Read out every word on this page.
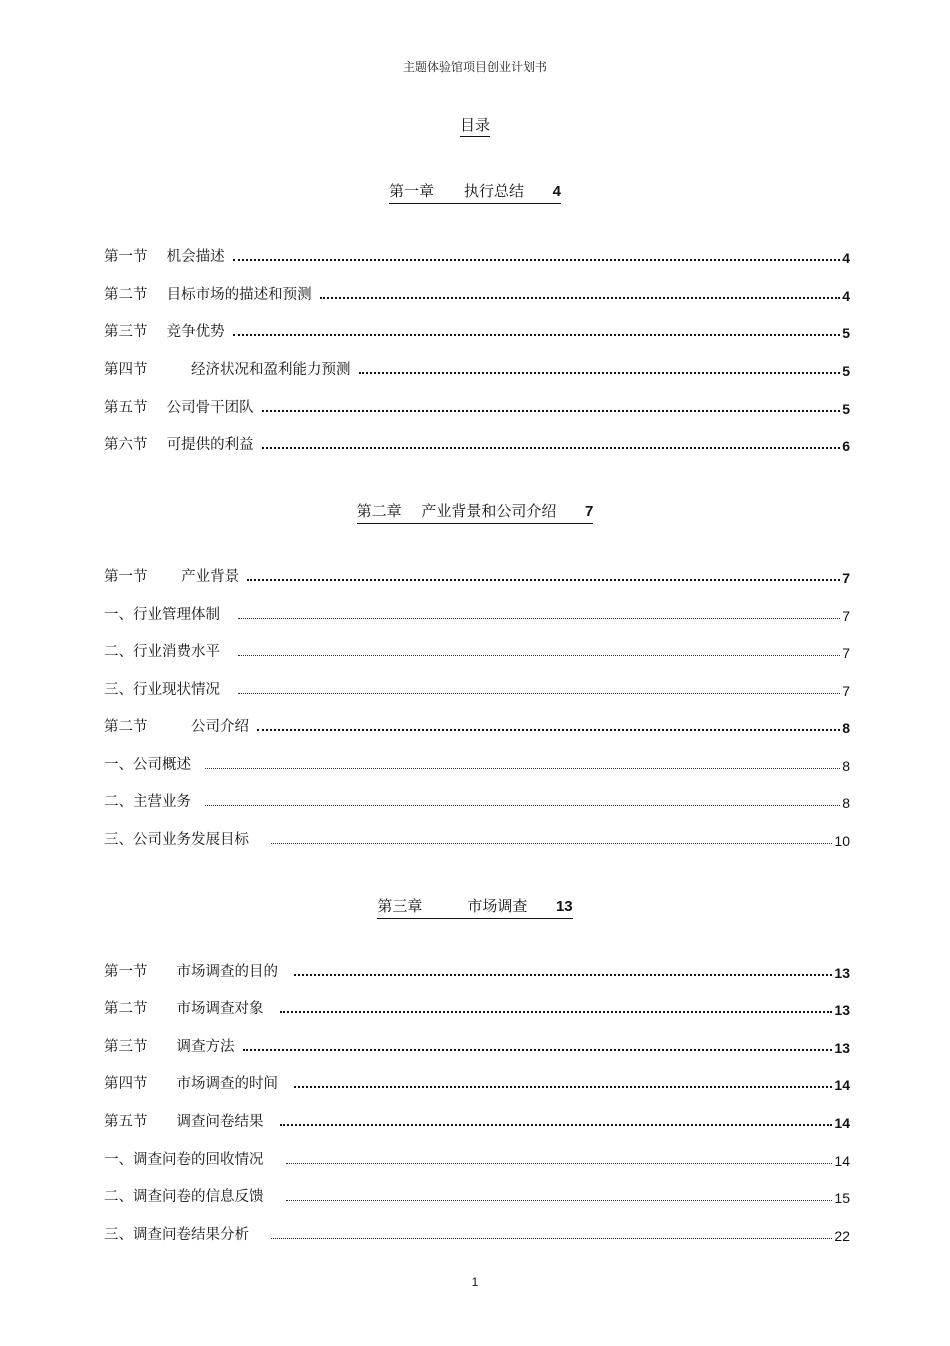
主题体验馆项目创业计划书
目录
第一章　　执行总结 4
第一节　 机会描述	4
第二节　 目标市场的描述和预测	4
第三节　 竞争优势	5
第四节　　　经济状况和盈利能力预测	5
第五节　 公司骨干团队	5
第六节　 可提供的利益	6
第二章　 产业背景和公司介绍 7
第一节　　 产业背景	7
一、行业管理体制	7
二、行业消费水平	7
三、行业现状情况	7
第二节　　　公司介绍	8
一、公司概述	8
二、主营业务	8
三、公司业务发展目标	10
第三章　　　市场调查 13
第一节　　市场调查的目的	13
第二节　　市场调查对象	13
第三节　　调查方法	13
第四节　　市场调查的时间	14
第五节　　调查问卷结果	14
一、调查问卷的回收情况	14
二、调查问卷的信息反馈	15
三、调查问卷结果分析	22
1
